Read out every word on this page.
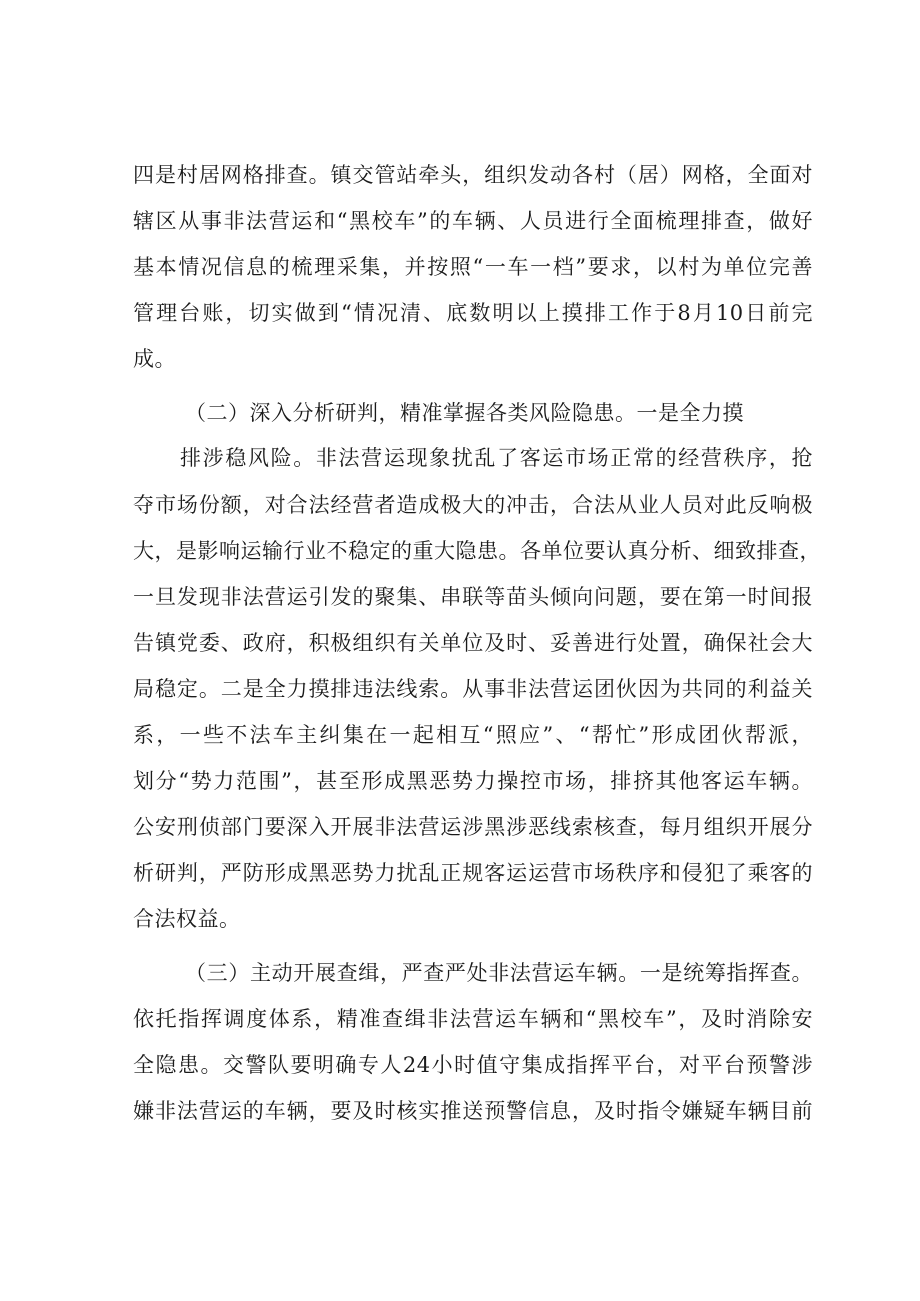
四是村居网格排查。镇交管站牵头，组织发动各村（居）网格，全面对
辖区从事非法营运和“黑校车”的车辆、人员进行全面梳理排查，做好
基本情况信息的梳理采集，并按照“一车一档”要求，以村为单位完善
管理台账，切实做到“情况清、底数明以上摸排工作于8月10日前完
成。
（二）深入分析研判，精准掌握各类风险隐患。一是全力摸
排涉稳风险。非法营运现象扰乱了客运市场正常的经营秩序，抢
夺市场份额，对合法经营者造成极大的冲击，合法从业人员对此反响极
大，是影响运输行业不稳定的重大隐患。各单位要认真分析、细致排查，
一旦发现非法营运引发的聚集、串联等苗头倾向问题，要在第一时间报
告镇党委、政府，积极组织有关单位及时、妥善进行处置，确保社会大
局稳定。二是全力摸排违法线索。从事非法营运团伙因为共同的利益关
系，一些不法车主纠集在一起相互“照应”、“帮忙”形成团伙帮派，
划分“势力范围”，甚至形成黑恶势力操控市场，排挤其他客运车辆。
公安刑侦部门要深入开展非法营运涉黑涉恶线索核查，每月组织开展分
析研判，严防形成黑恶势力扰乱正规客运运营市场秩序和侵犯了乘客的
合法权益。
（三）主动开展查缉，严查严处非法营运车辆。一是统筹指挥查。
依托指挥调度体系，精准查缉非法营运车辆和“黑校车”，及时消除安
全隐患。交警队要明确专人24小时值守集成指挥平台，对平台预警涉
嫌非法营运的车辆，要及时核实推送预警信息，及时指令嫌疑车辆目前
